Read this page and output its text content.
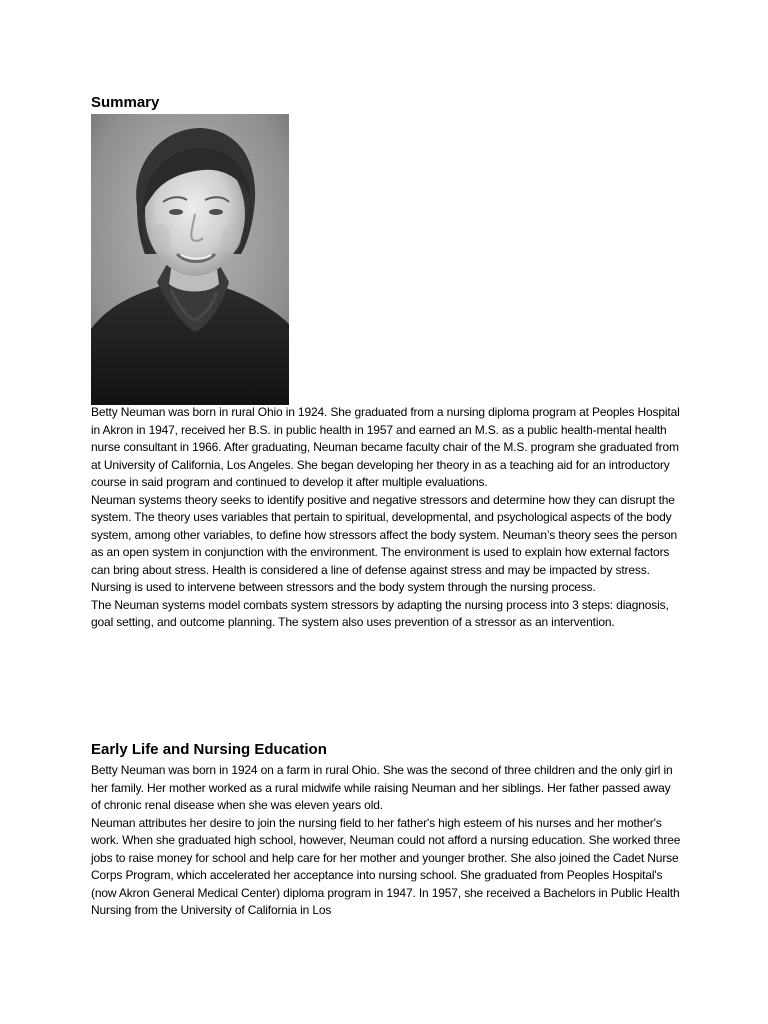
Summary

Betty Neuman was born in rural Ohio in 1924. She graduated from a nursing diploma program at Peoples Hospital in Akron in 1947, received her B.S. in public health in 1957 and earned an M.S. as a public health-mental health nurse consultant in 1966. After graduating, Neuman became faculty chair of the M.S. program she graduated from at University of California, Los Angeles. She began developing her theory in as a teaching aid for an introductory course in said program and continued to develop it after multiple evaluations.

Neuman systems theory seeks to identify positive and negative stressors and determine how they can disrupt the system. The theory uses variables that pertain to spiritual, developmental, and psychological aspects of the body system, among other variables, to define how stressors affect the body system. Neuman’s theory sees the person as an open system in conjunction with the environment. The environment is used to explain how external factors can bring about stress. Health is considered a line of defense against stress and may be impacted by stress. Nursing is used to intervene between stressors and the body system through the nursing process.

The Neuman systems model combats system stressors by adapting the nursing process into 3 steps: diagnosis, goal setting, and outcome planning. The system also uses prevention of a stressor as an intervention.

Early Life and Nursing Education

Betty Neuman was born in 1924 on a farm in rural Ohio. She was the second of three children and the only girl in her family. Her mother worked as a rural midwife while raising Neuman and her siblings. Her father passed away of chronic renal disease when she was eleven years old.

Neuman attributes her desire to join the nursing field to her father's high esteem of his nurses and her mother's work. When she graduated high school, however, Neuman could not afford a nursing education. She worked three jobs to raise money for school and help care for her mother and younger brother. She also joined the Cadet Nurse Corps Program, which accelerated her acceptance into nursing school. She graduated from Peoples Hospital's (now Akron General Medical Center) diploma program in 1947. In 1957, she received a Bachelors in Public Health Nursing from the University of California in Los
